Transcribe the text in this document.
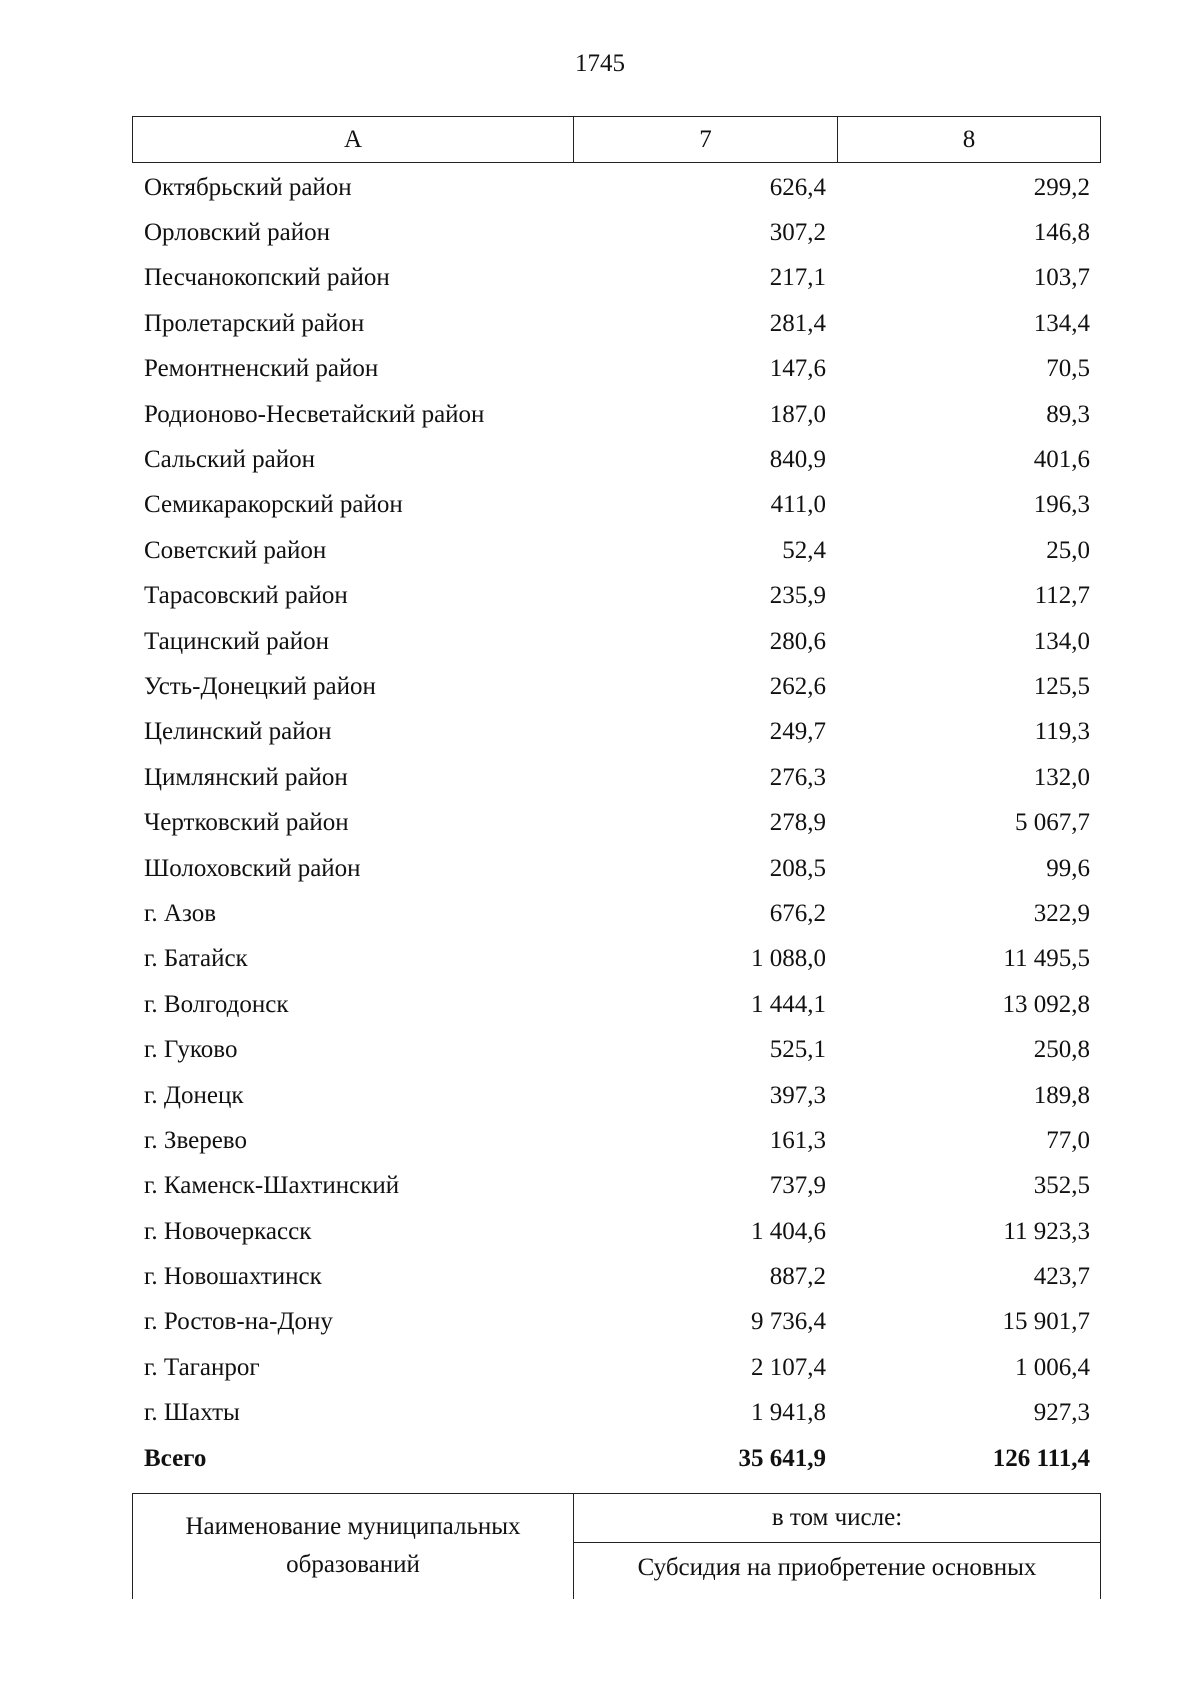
1745
А	7	8
Октябрьский район	626,4	299,2
Орловский район	307,2	146,8
Песчанокопский район	217,1	103,7
Пролетарский район	281,4	134,4
Ремонтненский район	147,6	70,5
Родионово-Несветайский район	187,0	89,3
Сальский район	840,9	401,6
Семикаракорский район	411,0	196,3
Советский район	52,4	25,0
Тарасовский район	235,9	112,7
Тацинский район	280,6	134,0
Усть-Донецкий район	262,6	125,5
Целинский район	249,7	119,3
Цимлянский район	276,3	132,0
Чертковский район	278,9	5 067,7
Шолоховский район	208,5	99,6
г. Азов	676,2	322,9
г. Батайск	1 088,0	11 495,5
г. Волгодонск	1 444,1	13 092,8
г. Гуково	525,1	250,8
г. Донецк	397,3	189,8
г. Зверево	161,3	77,0
г. Каменск-Шахтинский	737,9	352,5
г. Новочеркасск	1 404,6	11 923,3
г. Новошахтинск	887,2	423,7
г. Ростов-на-Дону	9 736,4	15 901,7
г. Таганрог	2 107,4	1 006,4
г. Шахты	1 941,8	927,3
Всего	35 641,9	126 111,4
Наименование муниципальных
образований
в том числе:
Субсидия на приобретение основных
